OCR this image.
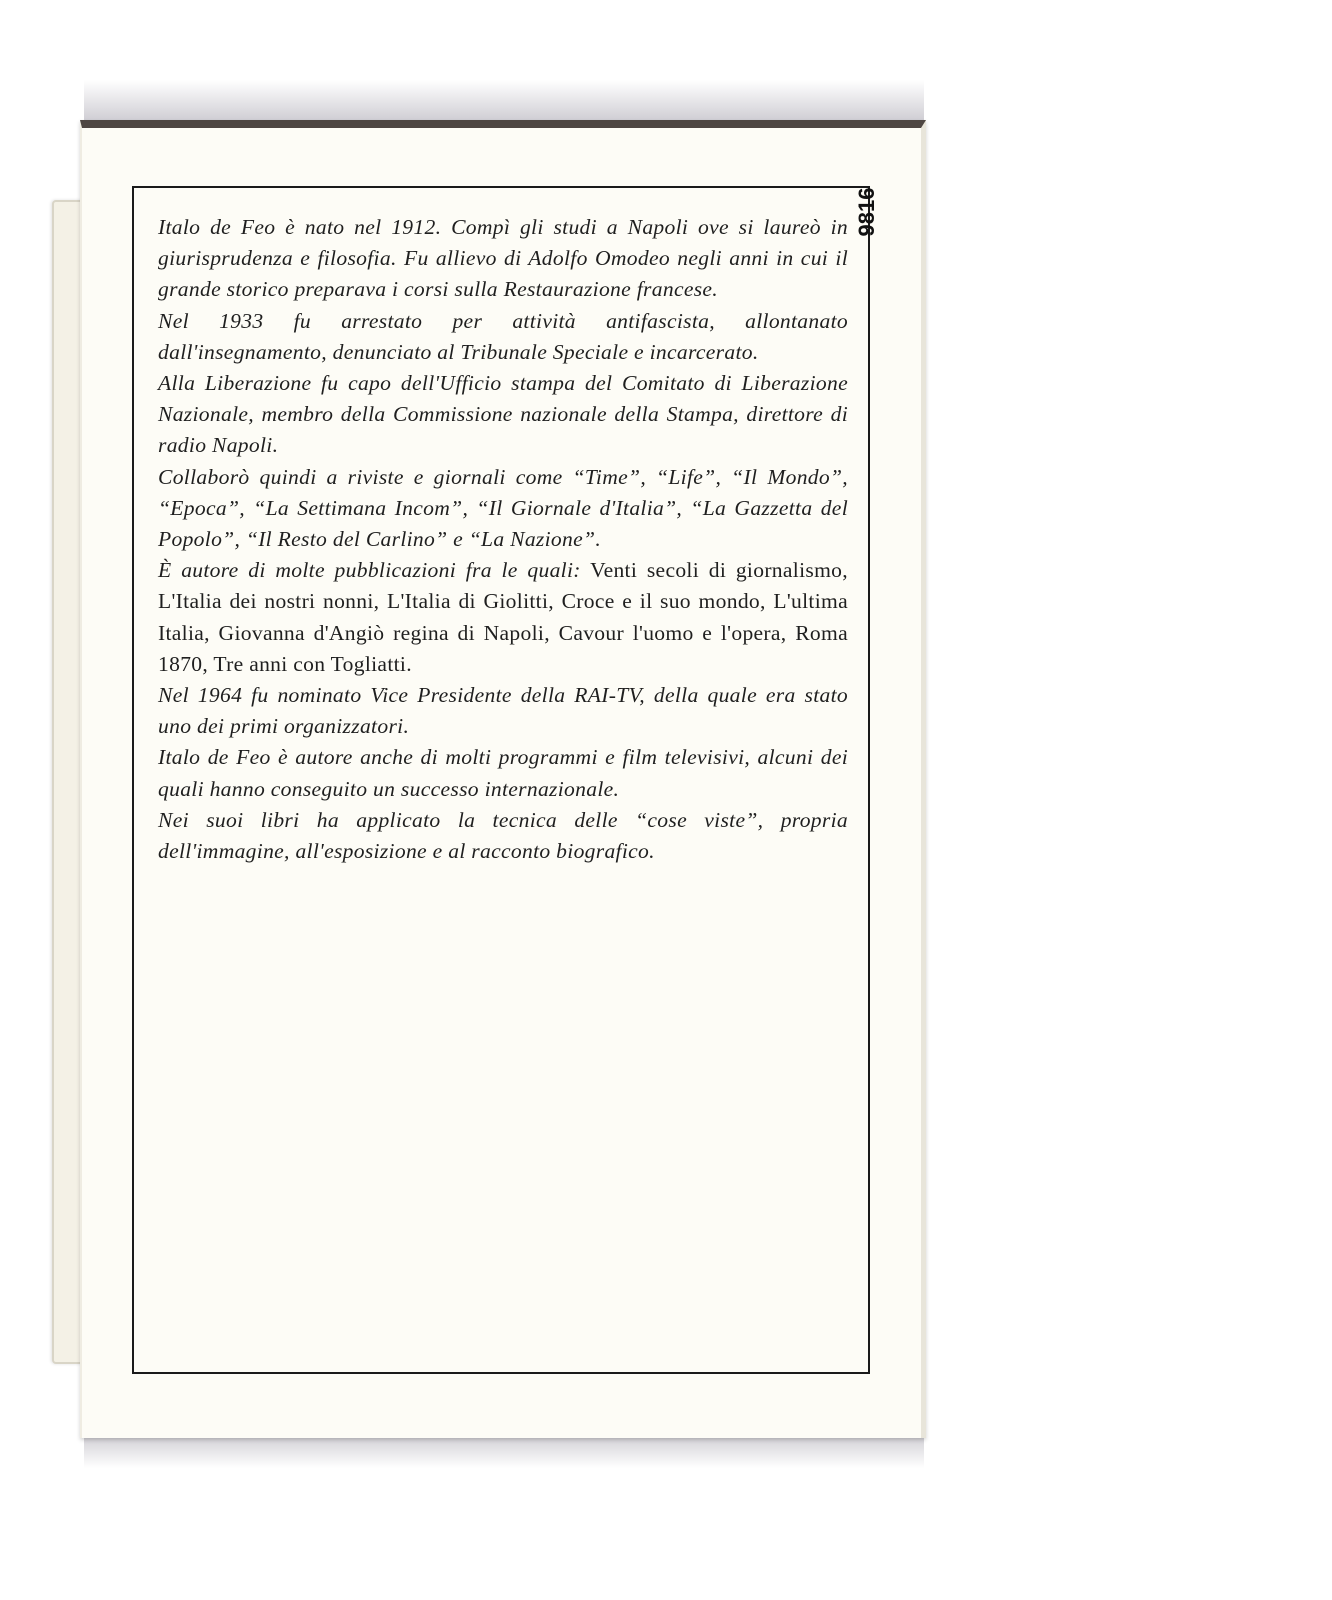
Italo de Feo è nato nel 1912. Compì gli studi a Napoli ove si laureò in giurisprudenza e filosofia. Fu allievo di Adolfo Omodeo negli anni in cui il grande storico preparava i corsi sulla Restaurazione francese.

Nel 1933 fu arrestato per attività antifascista, allontanato dall'insegnamento, denunciato al Tribunale Speciale e incarcerato.

Alla Liberazione fu capo dell'Ufficio stampa del Comitato di Liberazione Nazionale, membro della Commissione nazionale della Stampa, direttore di radio Napoli.

Collaborò quindi a riviste e giornali come “Time”, “Life”, “Il Mondo”, “Epoca”, “La Settimana Incom”, “Il Giornale d'Italia”, “La Gazzetta del Popolo”, “Il Resto del Carlino” e “La Nazione”.

È autore di molte pubblicazioni fra le quali: Venti secoli di giornalismo, L'Italia dei nostri nonni, L'Italia di Giolitti, Croce e il suo mondo, L'ultima Italia, Giovanna d'Angiò regina di Napoli, Cavour l'uomo e l'opera, Roma 1870, Tre anni con Togliatti.

Nel 1964 fu nominato Vice Presidente della RAI-TV, della quale era stato uno dei primi organizzatori.

Italo de Feo è autore anche di molti programmi e film televisivi, alcuni dei quali hanno conseguito un successo internazionale.

Nei suoi libri ha applicato la tecnica delle “cose viste”, propria dell'immagine, all'esposizione e al racconto biografico.

9816
